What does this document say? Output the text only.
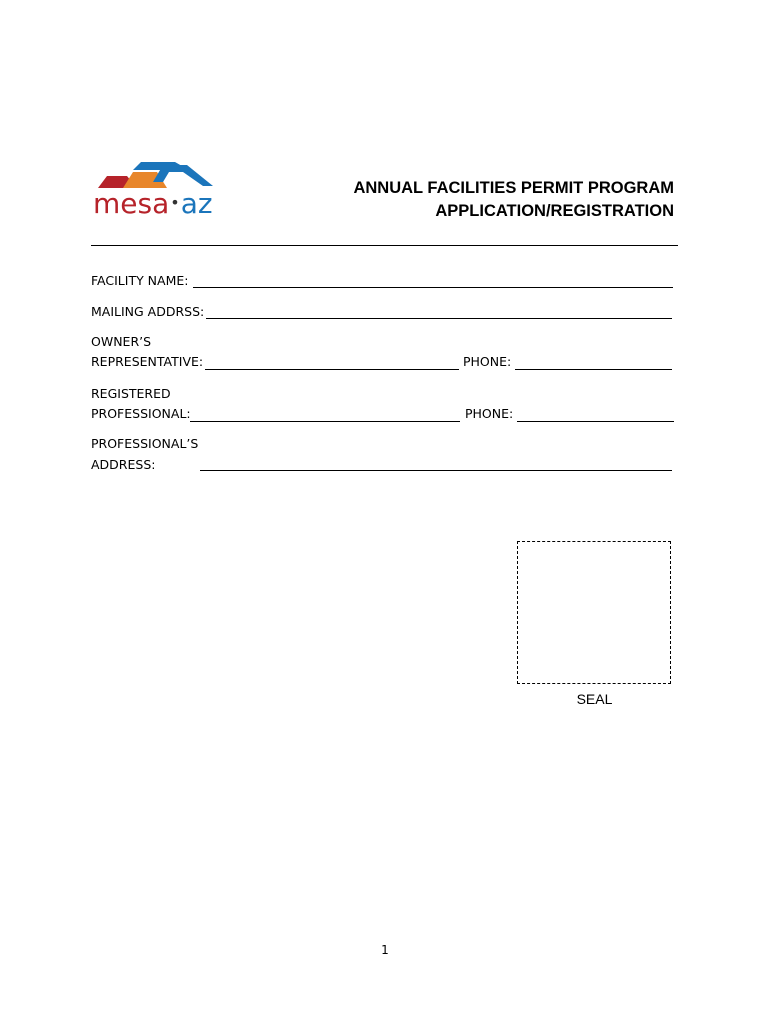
mesa•az	ANNUAL FACILITIES PERMIT PROGRAM
APPLICATION/REGISTRATION
FACILITY NAME:
MAILING ADDRSS:
OWNER’S
REPRESENTATIVE:	PHONE:
REGISTERED
PROFESSIONAL:	PHONE:
PROFESSIONAL’S
ADDRESS:
SEAL
1
